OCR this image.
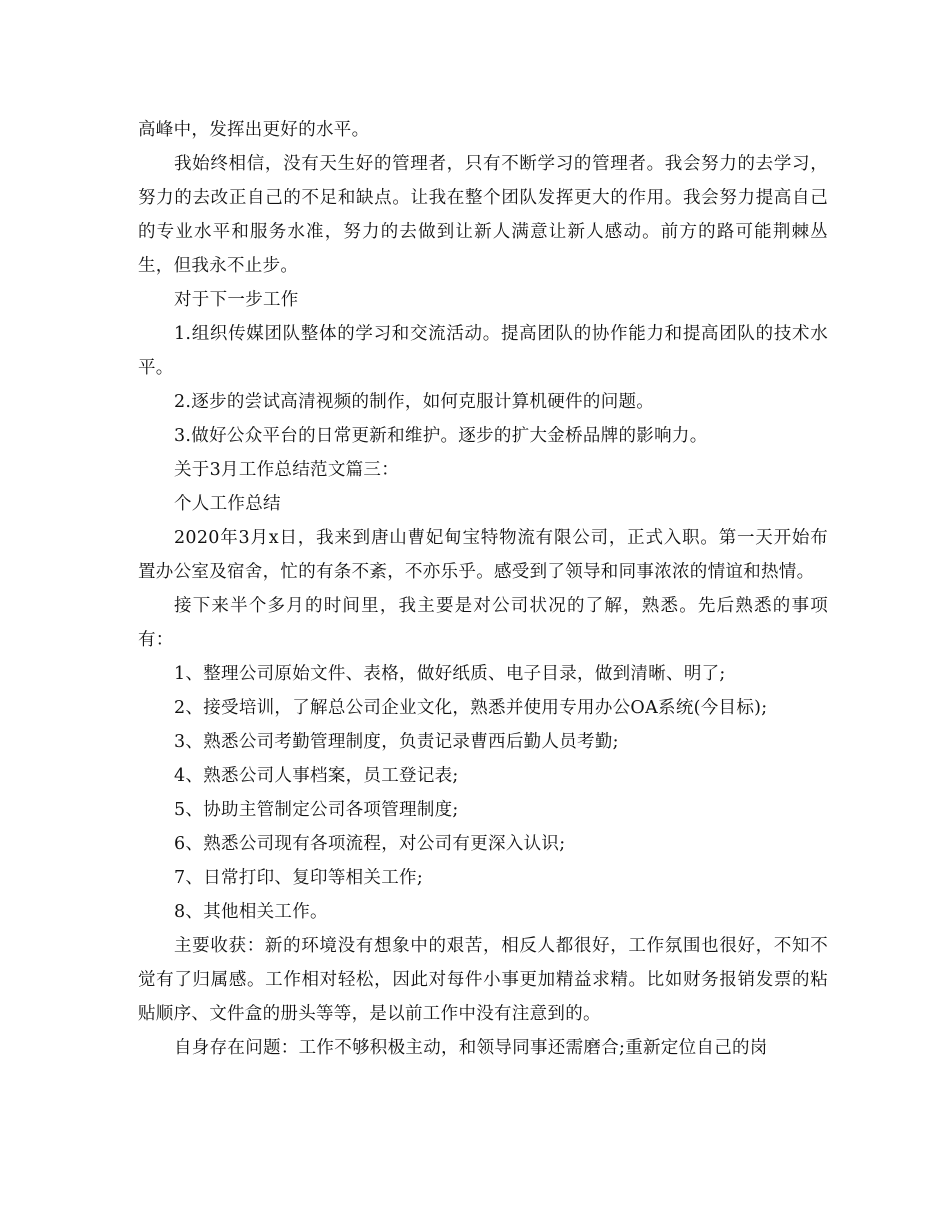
高峰中，发挥出更好的水平。

我始终相信，没有天生好的管理者，只有不断学习的管理者。我会努力的去学习，努力的去改正自己的不足和缺点。让我在整个团队发挥更大的作用。我会努力提高自己的专业水平和服务水准，努力的去做到让新人满意让新人感动。前方的路可能荆棘丛生，但我永不止步。

对于下一步工作

1.组织传媒团队整体的学习和交流活动。提高团队的协作能力和提高团队的技术水平。

2.逐步的尝试高清视频的制作，如何克服计算机硬件的问题。

3.做好公众平台的日常更新和维护。逐步的扩大金桥品牌的影响力。

关于3月工作总结范文篇三：

个人工作总结

2020年3月x日，我来到唐山曹妃甸宝特物流有限公司，正式入职。第一天开始布置办公室及宿舍，忙的有条不紊，不亦乐乎。感受到了领导和同事浓浓的情谊和热情。

接下来半个多月的时间里，我主要是对公司状况的了解，熟悉。先后熟悉的事项有：

1、整理公司原始文件、表格，做好纸质、电子目录，做到清晰、明了;

2、接受培训，了解总公司企业文化，熟悉并使用专用办公OA系统(今目标);

3、熟悉公司考勤管理制度，负责记录曹西后勤人员考勤;

4、熟悉公司人事档案，员工登记表;

5、协助主管制定公司各项管理制度;

6、熟悉公司现有各项流程，对公司有更深入认识;

7、日常打印、复印等相关工作;

8、其他相关工作。

主要收获：新的环境没有想象中的艰苦，相反人都很好，工作氛围也很好，不知不觉有了归属感。工作相对轻松，因此对每件小事更加精益求精。比如财务报销发票的粘贴顺序、文件盒的册头等等，是以前工作中没有注意到的。

自身存在问题：工作不够积极主动，和领导同事还需磨合;重新定位自己的岗
